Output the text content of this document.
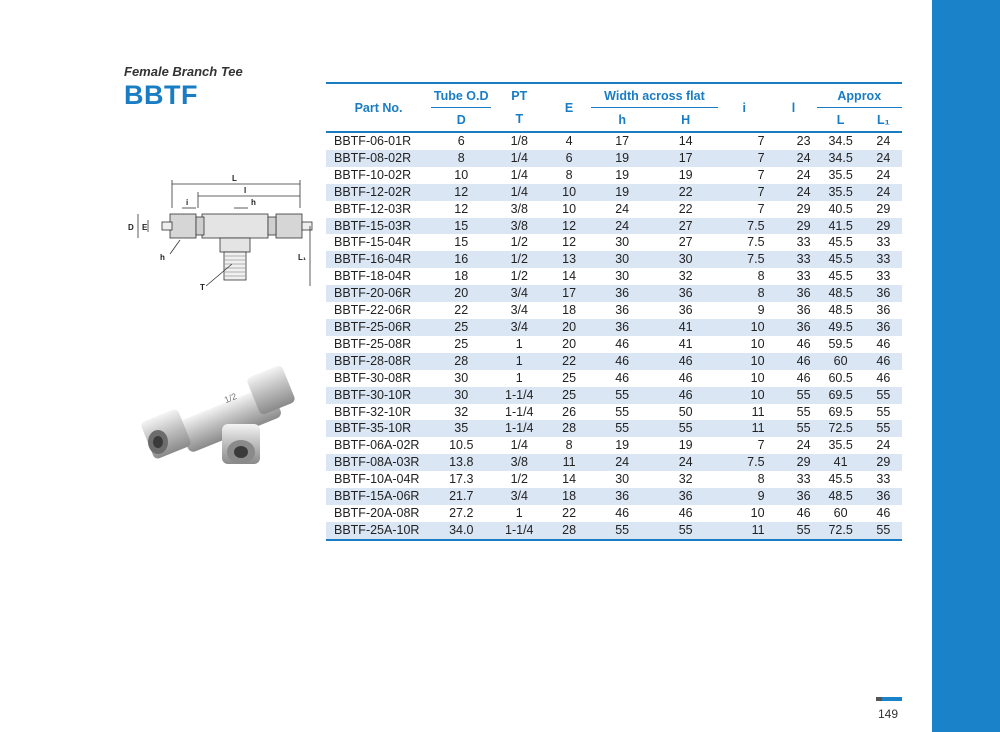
Female Branch Tee
BBTF
L
l
i	h
D E
h
T
L₁
1/2
Part No.	Tube O.D	PT	E	Width across flat		i	l	Approx	
	D	T		h	H			L	L₁
BBTF-06-01R	6	1/8	4	17	14	7	23	34.5	24
BBTF-08-02R	8	1/4	6	19	17	7	24	34.5	24
BBTF-10-02R	10	1/4	8	19	19	7	24	35.5	24
BBTF-12-02R	12	1/4	10	19	22	7	24	35.5	24
BBTF-12-03R	12	3/8	10	24	22	7	29	40.5	29
BBTF-15-03R	15	3/8	12	24	27	7.5	29	41.5	29
BBTF-15-04R	15	1/2	12	30	27	7.5	33	45.5	33
BBTF-16-04R	16	1/2	13	30	30	7.5	33	45.5	33
BBTF-18-04R	18	1/2	14	30	32	8	33	45.5	33
BBTF-20-06R	20	3/4	17	36	36	8	36	48.5	36
BBTF-22-06R	22	3/4	18	36	36	9	36	48.5	36
BBTF-25-06R	25	3/4	20	36	41	10	36	49.5	36
BBTF-25-08R	25	1	20	46	41	10	46	59.5	46
BBTF-28-08R	28	1	22	46	46	10	46	60	46
BBTF-30-08R	30	1	25	46	46	10	46	60.5	46
BBTF-30-10R	30	1-1/4	25	55	46	10	55	69.5	55
BBTF-32-10R	32	1-1/4	26	55	50	11	55	69.5	55
BBTF-35-10R	35	1-1/4	28	55	55	11	55	72.5	55
BBTF-06A-02R	10.5	1/4	8	19	19	7	24	35.5	24
BBTF-08A-03R	13.8	3/8	11	24	24	7.5	29	41	29
BBTF-10A-04R	17.3	1/2	14	30	32	8	33	45.5	33
BBTF-15A-06R	21.7	3/4	18	36	36	9	36	48.5	36
BBTF-20A-08R	27.2	1	22	46	46	10	46	60	46
BBTF-25A-10R	34.0	1-1/4	28	55	55	11	55	72.5	55
149
